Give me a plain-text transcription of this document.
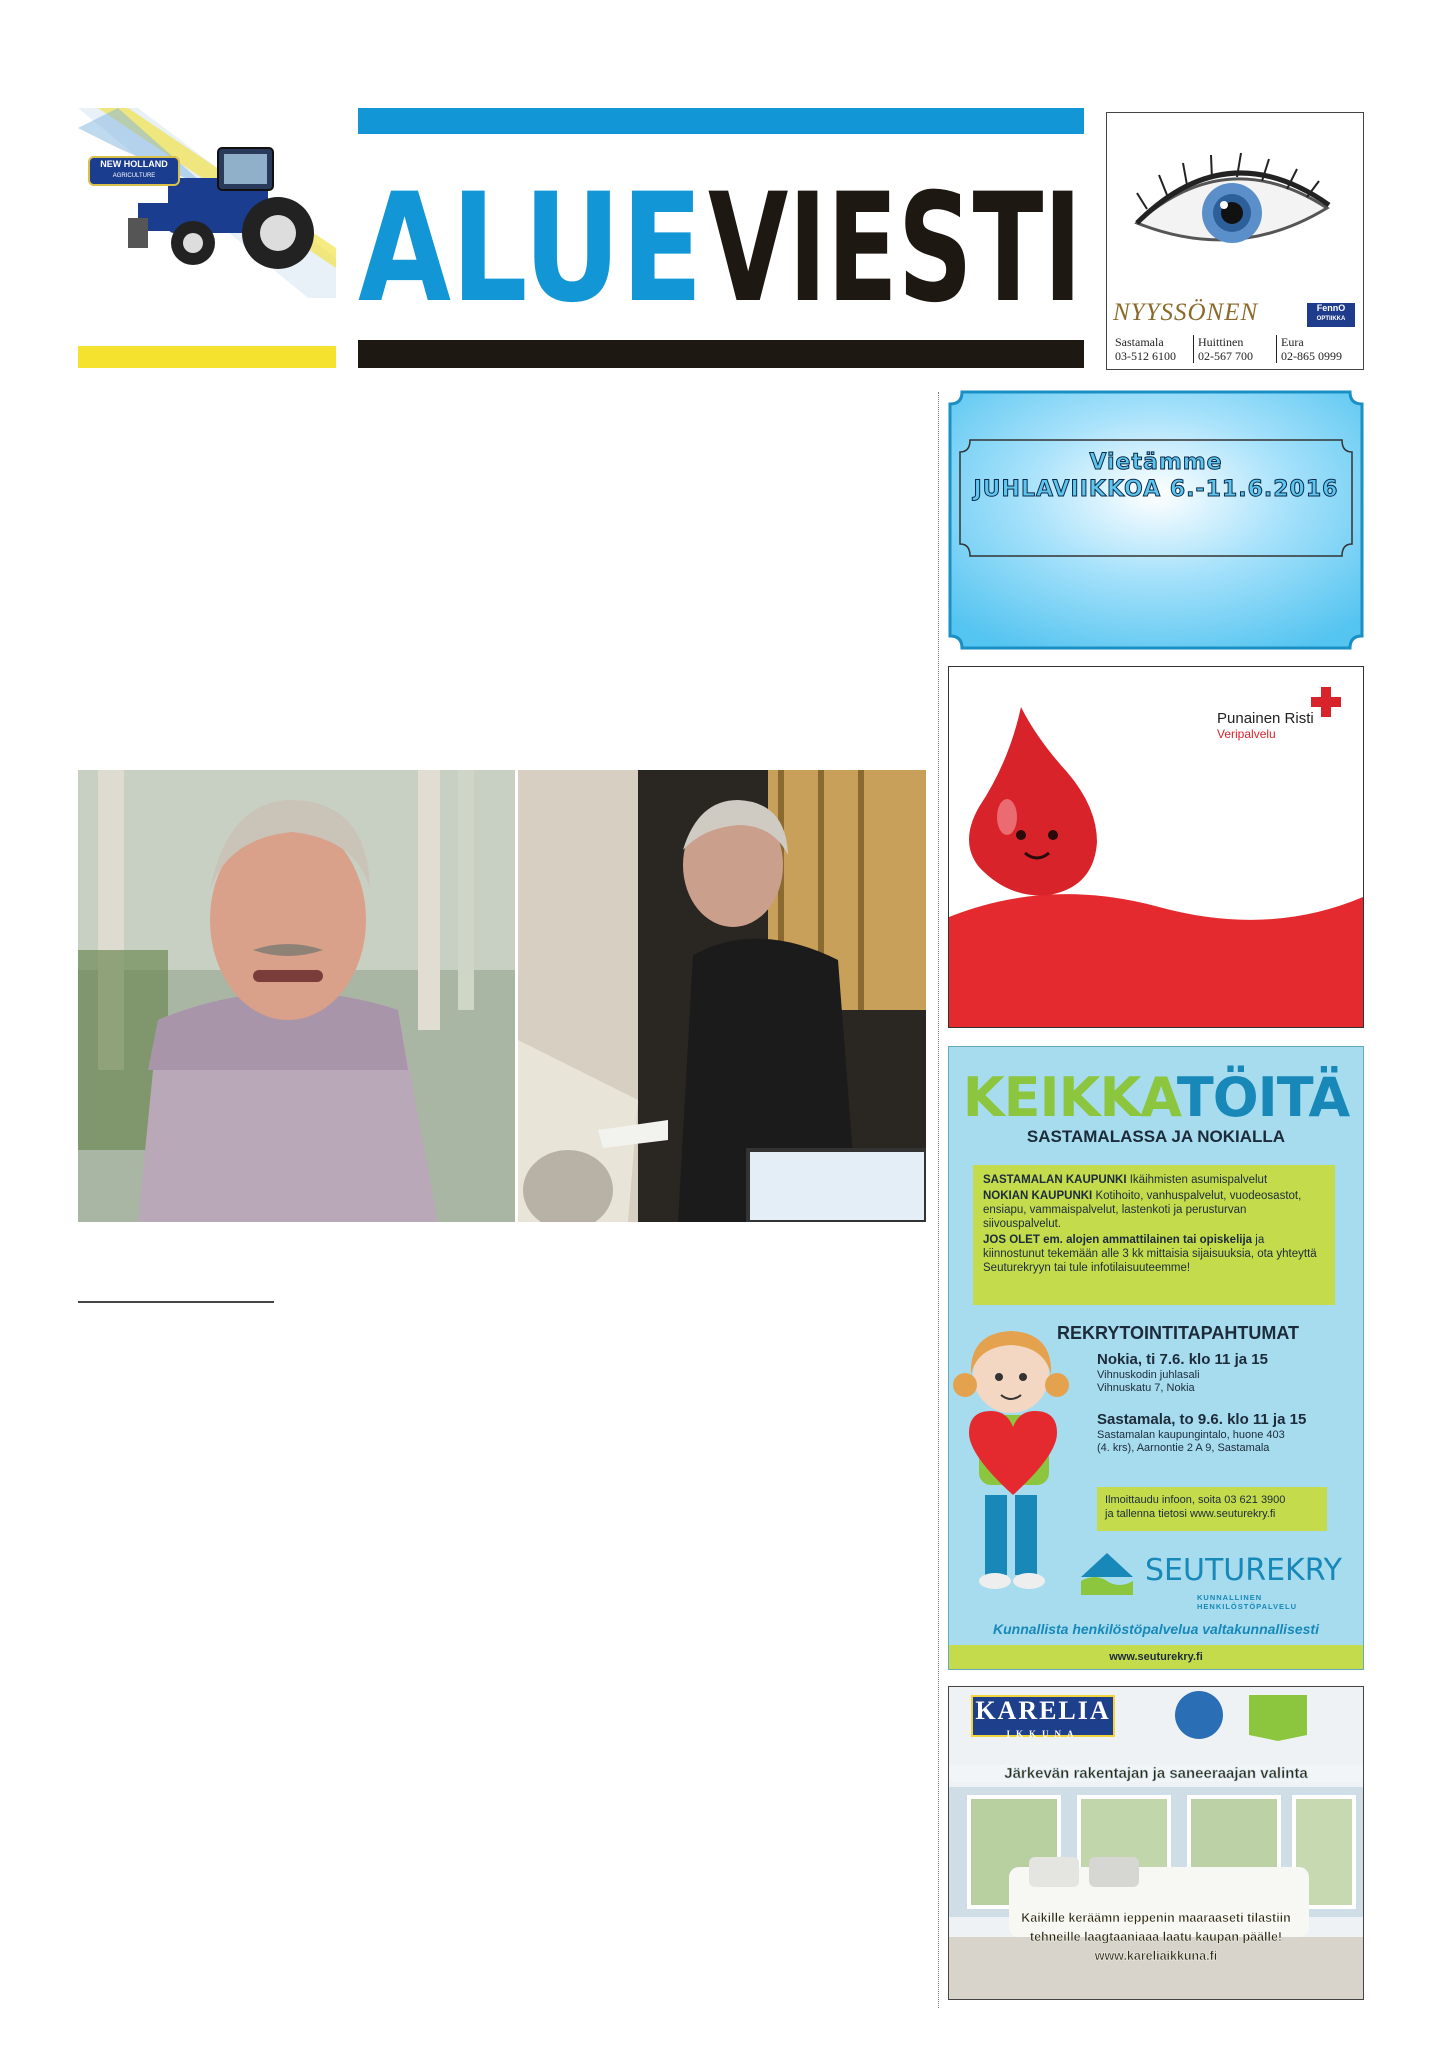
NEW HOLLAND
AGRICULTURE ALUE VIESTI NYYSSÖNEN	FennO
OPTIIKKA
Sastamala
03-512 6100
Huittinen
02-567 700
Eura
02-865 0999
Vietämme
JUHLAVIIKKOA 6.-11.6.2016
Punainen Risti
Veripalvelu
KEIKKATÖITÄ
SASTAMALASSA JA NOKIALLA

SASTAMALAN KAUPUNKI Ikäihmisten asumispalvelut

NOKIAN KAUPUNKI Kotihoito, vanhuspalvelut, vuodeosastot, ensiapu, vammaispalvelut, lastenkoti ja perusturvan siivouspalvelut.

JOS OLET em. alojen ammattilainen tai opiskelija ja kiinnostunut tekemään alle 3 kk mittaisia sijaisuuksia, ota yhteyttä Seuturekryyn tai tule infotilaisuuteemme!

REKRYTOINTITAPAHTUMAT
Nokia, ti 7.6. klo 11 ja 15
Vihnuskodin juhlasali
Vihnuskatu 7, Nokia
Sastamala, to 9.6. klo 11 ja 15
Sastamalan kaupungintalo, huone 403
(4. krs), Aarnontie 2 A 9, Sastamala
Ilmoittaudu infoon, soita 03 621 3900
ja tallenna tietosi www.seuturekry.fi
SEUTUREKRY
KUNNALLINEN HENKILÖSTÖPALVELU
Kunnallista henkilöstöpalvelua valtakunnallisesti
www.seuturekry.fi
KARELIA
IKKUNA
Järkevän rakentajan ja saneeraajan valinta
Kaikille keräämn ieppenin maaraaseti tilastiin
tehneille laagtaaniaaa laatu kaupan päälle!
www.kareliaikkuna.fi
